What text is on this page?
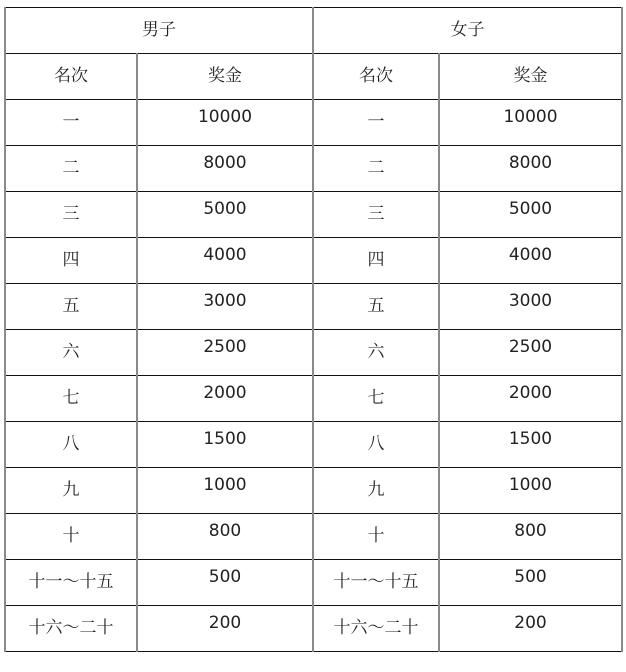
男子		女子	
名次	奖金	名次	奖金
一	10000	一	10000
二	8000	二	8000
三	5000	三	5000
四	4000	四	4000
五	3000	五	3000
六	2500	六	2500
七	2000	七	2000
八	1500	八	1500
九	1000	九	1000
十	800	十	800
十一～十五	500	十一～十五	500
十六～二十	200	十六～二十	200
